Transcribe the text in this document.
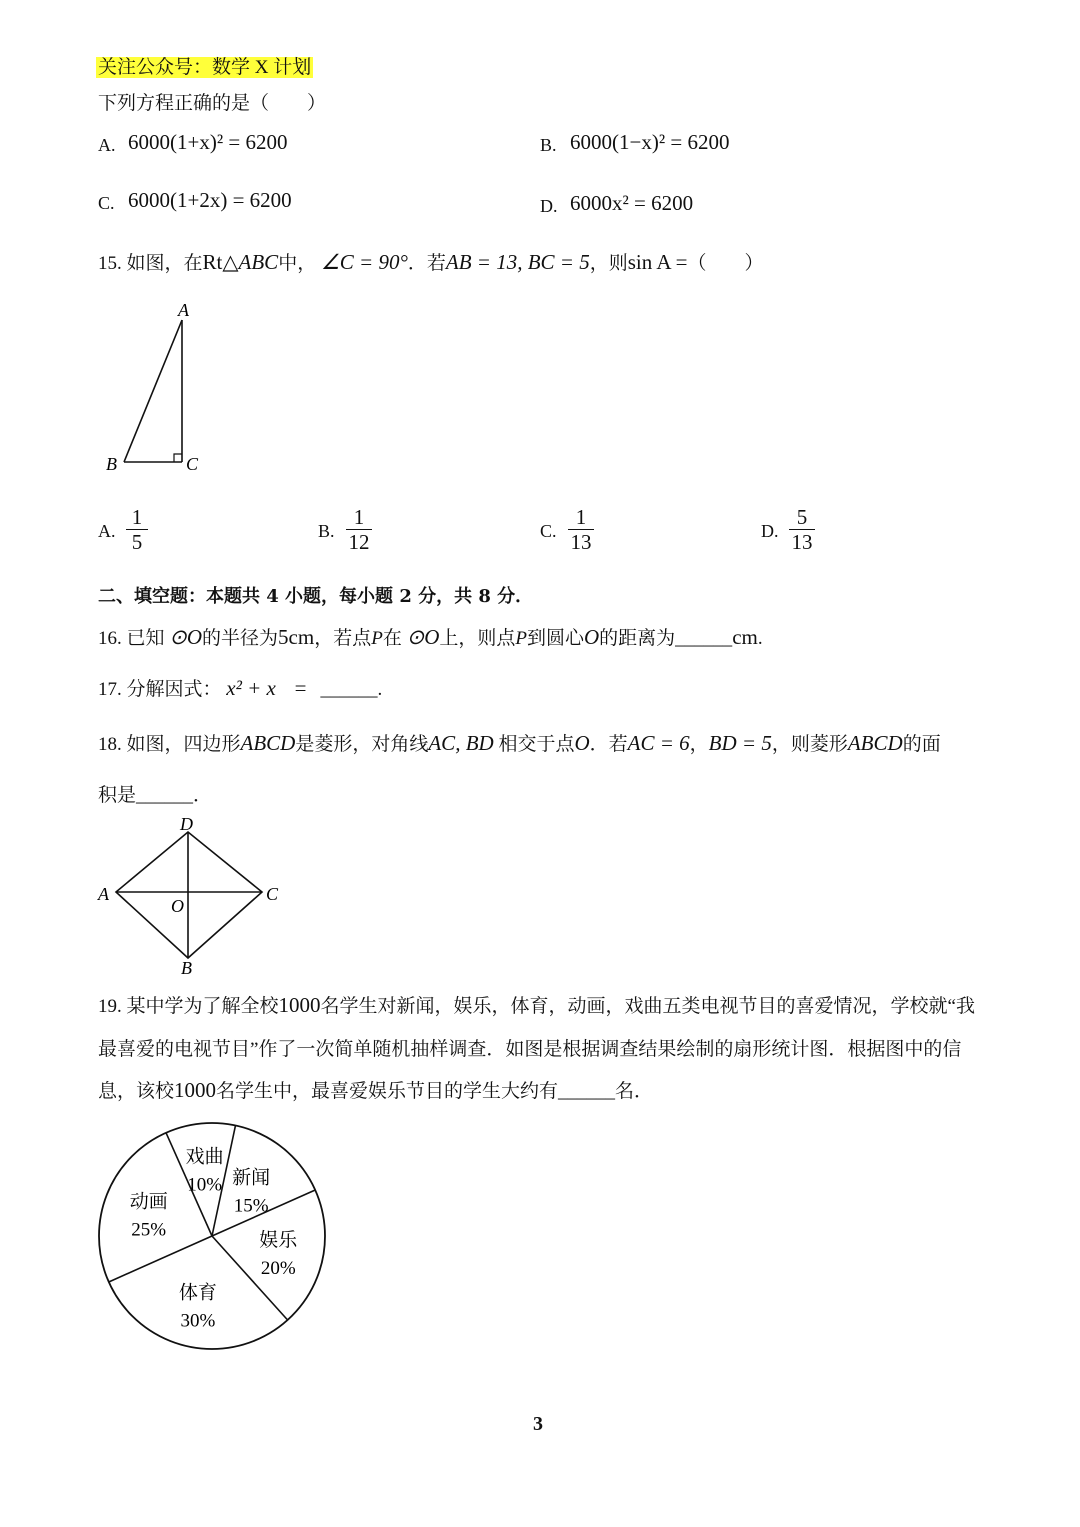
关注公众号：数学 X 计划
下列方程正确的是（　　）
A. 6000(1+x)² = 6200	B. 6000(1−x)² = 6200
C. 6000(1+2x) = 6200	D. 6000x² = 6200
15. 如图，在Rt△ABC中， ∠C = 90°．若AB = 13, BC = 5，则sin A =（　　）
A
B	C
A.
1
5	B.
1
12	C.
1
13	D.
5
13
二、填空题：本题共 4 小题，每小题 2 分，共 8 分．
16. 已知 ⊙O的半径为5cm，若点P在 ⊙O上，则点P到圆心O的距离为______cm.
17. 分解因式： x² + x = ______.
18. 如图，四边形ABCD是菱形，对角线AC, BD 相交于点O．若AC = 6，BD = 5，则菱形ABCD的面
积是______．
D
A	C
O
B
19. 某中学为了解全校1000名学生对新闻，娱乐，体育，动画，戏曲五类电视节目的喜爱情况，学校就“我
最喜爱的电视节目”作了一次简单随机抽样调查．如图是根据调查结果绘制的扇形统计图．根据图中的信
息，该校1000名学生中，最喜爱娱乐节目的学生大约有______名．
新闻
15%
娱乐
20%
体育
30%
动画
25%
戏曲
10%
3
